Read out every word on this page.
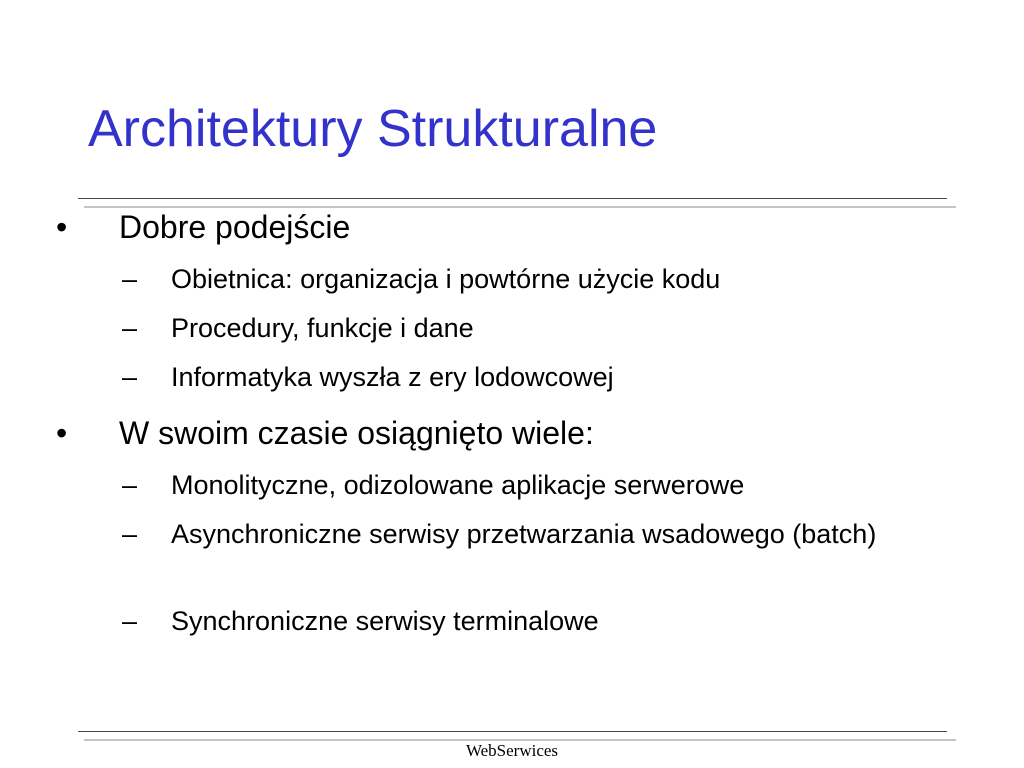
Architektury Strukturalne
• Dobre podejście
– Obietnica: organizacja i powtórne użycie kodu
– Procedury, funkcje i dane
– Informatyka wyszła z ery lodowcowej
• W swoim czasie osiągnięto wiele:
– Monolityczne, odizolowane aplikacje serwerowe
– Asynchroniczne serwisy przetwarzania wsadowego (batch)
– Synchroniczne serwisy terminalowe
WebSerwices
